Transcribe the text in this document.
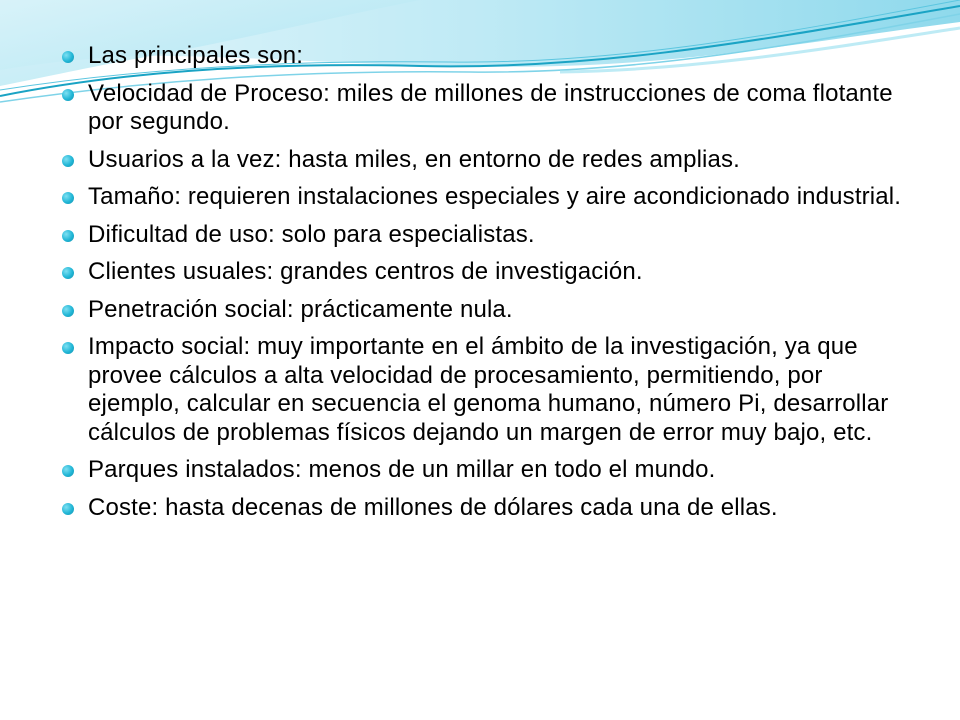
Las principales son:
Velocidad de Proceso: miles de millones de instrucciones de coma flotante por segundo.
Usuarios a la vez: hasta miles, en entorno de redes amplias.
Tamaño: requieren instalaciones especiales y aire acondicionado industrial.
Dificultad de uso: solo para especialistas.
Clientes usuales: grandes centros de investigación.
Penetración social: prácticamente nula.
Impacto social: muy importante en el ámbito de la investigación, ya que provee cálculos a alta velocidad de procesamiento, permitiendo, por ejemplo, calcular en secuencia el genoma humano, número Pi, desarrollar cálculos de problemas físicos dejando un margen de error muy bajo, etc.
Parques instalados: menos de un millar en todo el mundo.
Coste: hasta decenas de millones de dólares cada una de ellas.
